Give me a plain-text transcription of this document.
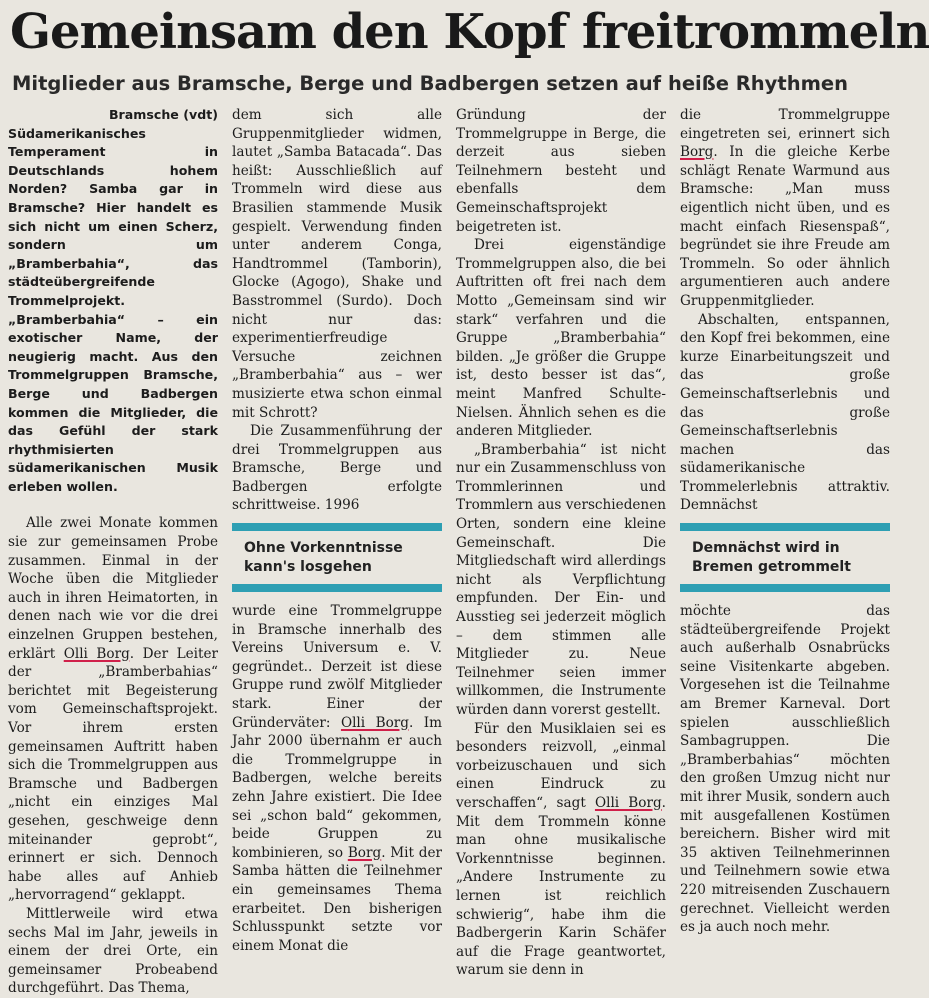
Gemeinsam den Kopf freitrommeln
Mitglieder aus Bramsche, Berge und Badbergen setzen auf heiße Rhythmen

Bramsche (vdt)
Südamerikanisches Temperament in Deutschlands hohem Norden? Samba gar in Bramsche? Hier handelt es sich nicht um einen Scherz, sondern um „Bramberbahia“, das städteübergreifende Trommelprojekt. „Bramberbahia“ – ein exotischer Name, der neugierig macht. Aus den Trommelgruppen Bramsche, Berge und Badbergen kommen die Mitglieder, die das Gefühl der stark rhythmisierten südamerikanischen Musik erleben wollen.

Alle zwei Monate kommen sie zur gemeinsamen Probe zusammen. Einmal in der Woche üben die Mitglieder auch in ihren Heimatorten, in denen nach wie vor die drei einzelnen Gruppen bestehen, erklärt Olli Borg. Der Leiter der „Bramberbahias“ berichtet mit Begeisterung vom Gemeinschaftsprojekt. Vor ihrem ersten gemeinsamen Auftritt haben sich die Trommelgruppen aus Bramsche und Badbergen „nicht ein einziges Mal gesehen, geschweige denn miteinander geprobt“, erinnert er sich. Dennoch habe alles auf Anhieb „hervorragend“ geklappt.

Mittlerweile wird etwa sechs Mal im Jahr, jeweils in einem der drei Orte, ein gemeinsamer Probeabend durchgeführt. Das Thema,

dem sich alle Gruppenmitglieder widmen, lautet „Samba Batacada“. Das heißt: Ausschließlich auf Trommeln wird diese aus Brasilien stammende Musik gespielt. Verwendung finden unter anderem Conga, Handtrommel (Tamborin), Glocke (Agogo), Shake und Basstrommel (Surdo). Doch nicht nur das: experimentierfreudige Versuche zeichnen „Bramberbahia“ aus – wer musizierte etwa schon einmal mit Schrott?

Die Zusammenführung der drei Trommelgruppen aus Bramsche, Berge und Badbergen erfolgte schrittweise. 1996

Ohne Vorkenntnisse kann's losgehen

wurde eine Trommelgruppe in Bramsche innerhalb des Vereins Universum e. V. gegründet.. Derzeit ist diese Gruppe rund zwölf Mitglieder stark. Einer der Gründerväter: Olli Borg. Im Jahr 2000 übernahm er auch die Trommelgruppe in Badbergen, welche bereits zehn Jahre existiert. Die Idee sei „schon bald“ gekommen, beide Gruppen zu kombinieren, so Borg. Mit der Samba hätten die Teilnehmer ein gemeinsames Thema erarbeitet. Den bisherigen Schlusspunkt setzte vor einem Monat die

Gründung der Trommelgruppe in Berge, die derzeit aus sieben Teilnehmern besteht und ebenfalls dem Gemeinschaftsprojekt beigetreten ist.

Drei eigenständige Trommelgruppen also, die bei Auftritten oft frei nach dem Motto „Gemeinsam sind wir stark“ verfahren und die Gruppe „Bramberbahia“ bilden. „Je größer die Gruppe ist, desto besser ist das“, meint Manfred Schulte-Nielsen. Ähnlich sehen es die anderen Mitglieder.

„Bramberbahia“ ist nicht nur ein Zusammenschluss von Trommlerinnen und Trommlern aus verschiedenen Orten, sondern eine kleine Gemeinschaft. Die Mitgliedschaft wird allerdings nicht als Verpflichtung empfunden. Der Ein- und Ausstieg sei jederzeit möglich – dem stimmen alle Mitglieder zu. Neue Teilnehmer seien immer willkommen, die Instrumente würden dann vorerst gestellt.

Für den Musiklaien sei es besonders reizvoll, „einmal vorbeizuschauen und sich einen Eindruck zu verschaffen“, sagt Olli Borg. Mit dem Trommeln könne man ohne musikalische Vorkenntnisse beginnen. „Andere Instrumente zu lernen ist reichlich schwierig“, habe ihm die Badbergerin Karin Schäfer auf die Frage geantwortet, warum sie denn in

die Trommelgruppe eingetreten sei, erinnert sich Borg. In die gleiche Kerbe schlägt Renate Warmund aus Bramsche: „Man muss eigentlich nicht üben, und es macht einfach Riesenspaß“, begründet sie ihre Freude am Trommeln. So oder ähnlich argumentieren auch andere Gruppenmitglieder.

Abschalten, entspannen, den Kopf frei bekommen, eine kurze Einarbeitungszeit und das große Gemeinschaftserlebnis und das große Gemeinschaftserlebnis machen das südamerikanische Trommelerlebnis attraktiv. Demnächst

Demnächst wird in Bremen getrommelt

möchte das städteübergreifende Projekt auch außerhalb Osnabrücks seine Visitenkarte abgeben. Vorgesehen ist die Teilnahme am Bremer Karneval. Dort spielen ausschließlich Sambagruppen. Die „Bramberbahias“ möchten den großen Umzug nicht nur mit ihrer Musik, sondern auch mit ausgefallenen Kostümen bereichern. Bisher wird mit 35 aktiven Teilnehmerinnen und Teilnehmern sowie etwa 220 mitreisenden Zuschauern gerechnet. Vielleicht werden es ja auch noch mehr.
